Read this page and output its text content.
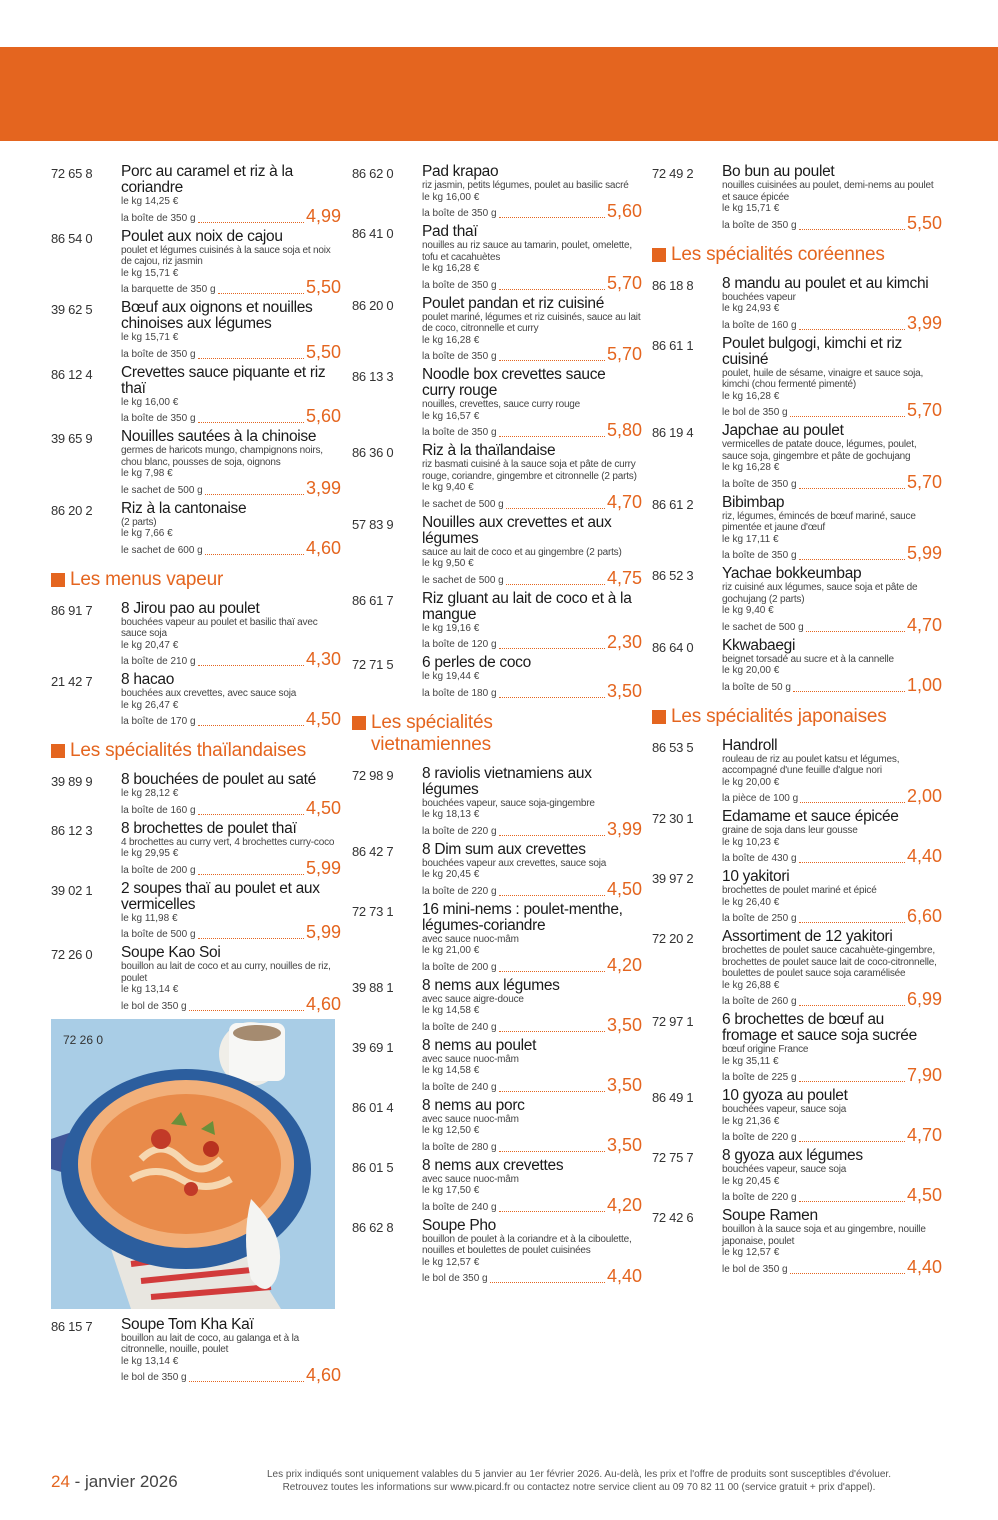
72 65 8	Porc au caramel et riz à la coriandre
le kg 14,25 €
la boîte de 350 g	4,99
86 54 0	Poulet aux noix de cajou
poulet et légumes cuisinés à la sauce soja et noix de cajou, riz jasmin
le kg 15,71 €
la barquette de 350 g	5,50
39 62 5	Bœuf aux oignons et nouilles chinoises aux légumes
le kg 15,71 €
la boîte de 350 g	5,50
86 12 4	Crevettes sauce piquante et riz thaï
le kg 16,00 €
la boîte de 350 g	5,60
39 65 9	Nouilles sautées à la chinoise
germes de haricots mungo, champignons noirs, chou blanc, pousses de soja, oignons
le kg 7,98 €
le sachet de 500 g	3,99
86 20 2	Riz à la cantonaise
(2 parts)
le kg 7,66 €
le sachet de 600 g	4,60
Les menus vapeur
86 91 7	8 Jirou pao au poulet
bouchées vapeur au poulet et basilic thaï avec sauce soja
le kg 20,47 €
la boîte de 210 g	4,30
21 42 7	8 hacao
bouchées aux crevettes, avec sauce soja
le kg 26,47 €
la boîte de 170 g	4,50
Les spécialités thaïlandaises
39 89 9	8 bouchées de poulet au saté
le kg 28,12 €
la boîte de 160 g	4,50
86 12 3	8 brochettes de poulet thaï
4 brochettes au curry vert, 4 brochettes curry-coco
le kg 29,95 €
la boîte de 200 g	5,99
39 02 1	2 soupes thaï au poulet et aux vermicelles
le kg 11,98 €
la boîte de 500 g	5,99
72 26 0	Soupe Kao Soi
bouillon au lait de coco et au curry, nouilles de riz, poulet
le kg 13,14 €
le bol de 350 g	4,60
72 26 0
86 15 7	Soupe Tom Kha Kaï
bouillon au lait de coco, au galanga et à la citronnelle, nouille, poulet
le kg 13,14 €
le bol de 350 g	4,60
86 62 0	Pad krapao
riz jasmin, petits légumes, poulet au basilic sacré
le kg 16,00 €
la boîte de 350 g	5,60
86 41 0	Pad thaï
nouilles au riz sauce au tamarin, poulet, omelette, tofu et cacahuètes
le kg 16,28 €
la boîte de 350 g	5,70
86 20 0	Poulet pandan et riz cuisiné
poulet mariné, légumes et riz cuisinés, sauce au lait de coco, citronnelle et curry
le kg 16,28 €
la boîte de 350 g	5,70
86 13 3	Noodle box crevettes sauce curry rouge
nouilles, crevettes, sauce curry rouge
le kg 16,57 €
la boîte de 350 g	5,80
86 36 0	Riz à la thaïlandaise
riz basmati cuisiné à la sauce soja et pâte de curry rouge, coriandre, gingembre et citronnelle (2 parts)
le kg 9,40 €
le sachet de 500 g	4,70
57 83 9	Nouilles aux crevettes et aux légumes
sauce au lait de coco et au gingembre (2 parts)
le kg 9,50 €
le sachet de 500 g	4,75
86 61 7	Riz gluant au lait de coco et à la mangue
le kg 19,16 €
la boîte de 120 g	2,30
72 71 5	6 perles de coco
le kg 19,44 €
la boîte de 180 g	3,50
Les spécialités vietnamiennes
72 98 9	8 raviolis vietnamiens aux légumes
bouchées vapeur, sauce soja-gingembre
le kg 18,13 €
la boîte de 220 g	3,99
86 42 7	8 Dim sum aux crevettes
bouchées vapeur aux crevettes, sauce soja
le kg 20,45 €
la boîte de 220 g	4,50
72 73 1	16 mini-nems : poulet-menthe, légumes-coriandre
avec sauce nuoc-mâm
le kg 21,00 €
la boîte de 200 g	4,20
39 88 1	8 nems aux légumes
avec sauce aigre-douce
le kg 14,58 €
la boîte de 240 g	3,50
39 69 1	8 nems au poulet
avec sauce nuoc-mâm
le kg 14,58 €
la boîte de 240 g	3,50
86 01 4	8 nems au porc
avec sauce nuoc-mâm
le kg 12,50 €
la boîte de 280 g	3,50
86 01 5	8 nems aux crevettes
avec sauce nuoc-mâm
le kg 17,50 €
la boîte de 240 g	4,20
86 62 8	Soupe Pho
bouillon de poulet à la coriandre et à la ciboulette, nouilles et boulettes de poulet cuisinées
le kg 12,57 €
le bol de 350 g	4,40
72 49 2	Bo bun au poulet
nouilles cuisinées au poulet, demi-nems au poulet et sauce épicée
le kg 15,71 €
la boîte de 350 g	5,50
Les spécialités coréennes
86 18 8	8 mandu au poulet et au kimchi
bouchées vapeur
le kg 24,93 €
la boîte de 160 g	3,99
86 61 1	Poulet bulgogi, kimchi et riz cuisiné
poulet, huile de sésame, vinaigre et sauce soja, kimchi (chou fermenté pimenté)
le kg 16,28 €
le bol de 350 g	5,70
86 19 4	Japchae au poulet
vermicelles de patate douce, légumes, poulet, sauce soja, gingembre et pâte de gochujang
le kg 16,28 €
la boîte de 350 g	5,70
86 61 2	Bibimbap
riz, légumes, émincés de bœuf mariné, sauce pimentée et jaune d'œuf
le kg 17,11 €
la boîte de 350 g	5,99
86 52 3	Yachae bokkeumbap
riz cuisiné aux légumes, sauce soja et pâte de gochujang (2 parts)
le kg 9,40 €
le sachet de 500 g	4,70
86 64 0	Kkwabaegi
beignet torsadé au sucre et à la cannelle
le kg 20,00 €
la boîte de 50 g	1,00
Les spécialités japonaises
86 53 5	Handroll
rouleau de riz au poulet katsu et légumes, accompagné d'une feuille d'algue nori
le kg 20,00 €
la pièce de 100 g	2,00
72 30 1	Edamame et sauce épicée
graine de soja dans leur gousse
le kg 10,23 €
la boîte de 430 g	4,40
39 97 2	10 yakitori
brochettes de poulet mariné et épicé
le kg 26,40 €
la boîte de 250 g	6,60
72 20 2	Assortiment de 12 yakitori
brochettes de poulet sauce cacahuète-gingembre, brochettes de poulet sauce lait de coco-citronnelle, boulettes de poulet sauce soja caramélisée
le kg 26,88 €
la boîte de 260 g	6,99
72 97 1	6 brochettes de bœuf au fromage et sauce soja sucrée
bœuf origine France
le kg 35,11 €
la boîte de 225 g	7,90
86 49 1	10 gyoza au poulet
bouchées vapeur, sauce soja
le kg 21,36 €
la boîte de 220 g	4,70
72 75 7	8 gyoza aux légumes
bouchées vapeur, sauce soja
le kg 20,45 €
la boîte de 220 g	4,50
72 42 6	Soupe Ramen
bouillon à la sauce soja et au gingembre, nouille japonaise, poulet
le kg 12,57 €
le bol de 350 g	4,40
24 - janvier 2026	Les prix indiqués sont uniquement valables du 5 janvier au 1er février 2026. Au-delà, les prix et l'offre de produits sont susceptibles d'évoluer.
Retrouvez toutes les informations sur www.picard.fr ou contactez notre service client au 09 70 82 11 00 (service gratuit + prix d'appel).
